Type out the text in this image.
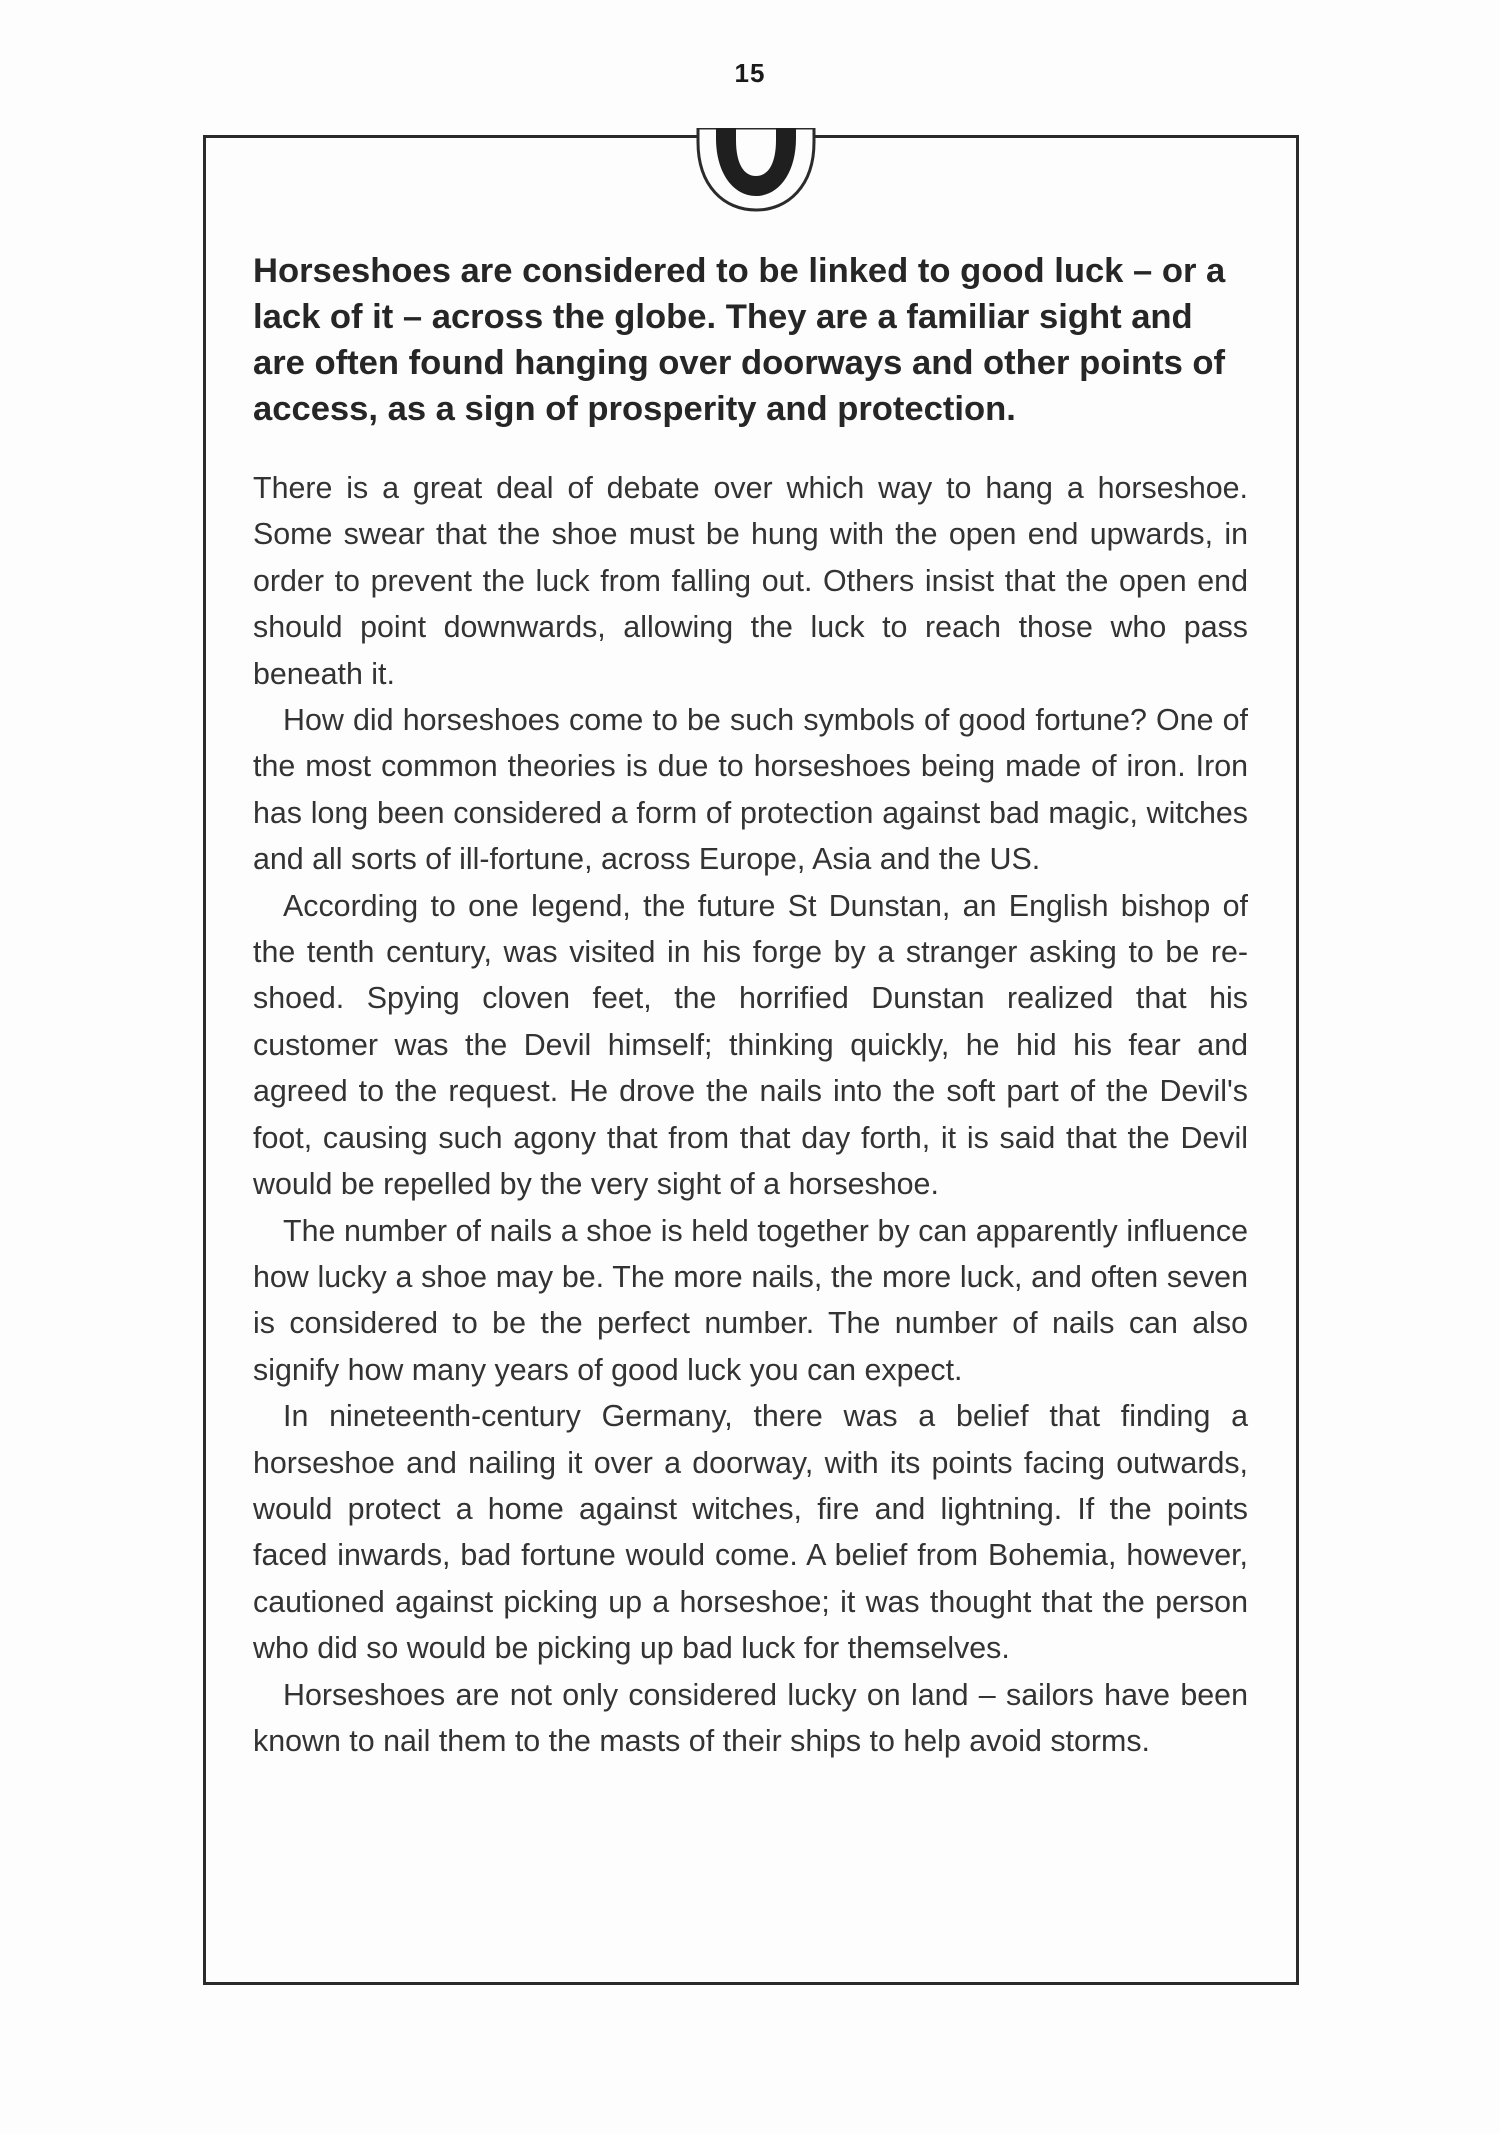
15

Horseshoes are considered to be linked to good luck – or a lack of it – across the globe. They are a familiar sight and are often found hanging over doorways and other points of access, as a sign of prosperity and protection.

There is a great deal of debate over which way to hang a horseshoe. Some swear that the shoe must be hung with the open end upwards, in order to prevent the luck from falling out. Others insist that the open end should point downwards, allowing the luck to reach those who pass beneath it.

How did horseshoes come to be such symbols of good fortune? One of the most common theories is due to horseshoes being made of iron. Iron has long been considered a form of protection against bad magic, witches and all sorts of ill-fortune, across Europe, Asia and the US.

According to one legend, the future St Dunstan, an English bishop of the tenth century, was visited in his forge by a stranger asking to be re-shoed. Spying cloven feet, the horrified Dunstan realized that his customer was the Devil himself; thinking quickly, he hid his fear and agreed to the request. He drove the nails into the soft part of the Devil's foot, causing such agony that from that day forth, it is said that the Devil would be repelled by the very sight of a horseshoe.

The number of nails a shoe is held together by can apparently influence how lucky a shoe may be. The more nails, the more luck, and often seven is considered to be the perfect number. The number of nails can also signify how many years of good luck you can expect.

In nineteenth-century Germany, there was a belief that finding a horseshoe and nailing it over a doorway, with its points facing outwards, would protect a home against witches, fire and lightning. If the points faced inwards, bad fortune would come. A belief from Bohemia, however, cautioned against picking up a horseshoe; it was thought that the person who did so would be picking up bad luck for themselves.

Horseshoes are not only considered lucky on land – sailors have been known to nail them to the masts of their ships to help avoid storms.
